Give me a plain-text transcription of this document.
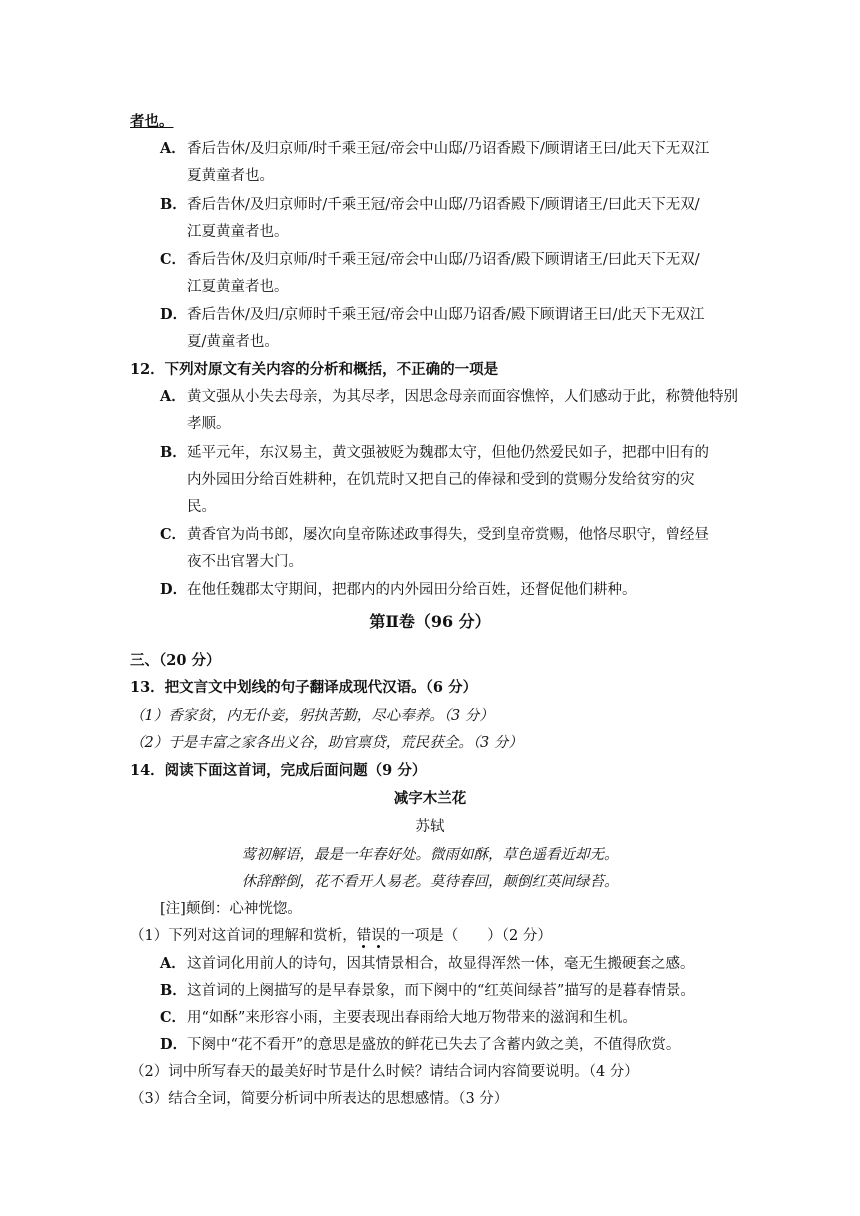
者也。
A．香后告休/及归京师/时千乘王冠/帝会中山邸/乃诏香殿下/顾谓诸王曰/此天下无双江
夏黄童者也。
B．香后告休/及归京师时/千乘王冠/帝会中山邸/乃诏香殿下/顾谓诸王/曰此天下无双/
江夏黄童者也。
C．香后告休/及归京师/时千乘王冠/帝会中山邸/乃诏香/殿下顾谓诸王/曰此天下无双/
江夏黄童者也。
D．香后告休/及归/京师时千乘王冠/帝会中山邸乃诏香/殿下顾谓诸王曰/此天下无双江
夏/黄童者也。
12．下列对原文有关内容的分析和概括，不正确的一项是
A．黄文强从小失去母亲，为其尽孝，因思念母亲而面容憔悴，人们感动于此，称赞他特别
孝顺。
B．延平元年，东汉易主，黄文强被贬为魏郡太守，但他仍然爱民如子，把郡中旧有的
内外园田分给百姓耕种，在饥荒时又把自己的俸禄和受到的赏赐分发给贫穷的灾
民。
C．黄香官为尚书郎，屡次向皇帝陈述政事得失，受到皇帝赏赐，他恪尽职守，曾经昼
夜不出官署大门。
D．在他任魏郡太守期间，把郡内的内外园田分给百姓，还督促他们耕种。
第Ⅱ卷（96 分）
三、（20 分）
13．把文言文中划线的句子翻译成现代汉语。（6 分）
（1）香家贫，内无仆妾，躬执苦勤，尽心奉养。（3 分）
（2）于是丰富之家各出义谷，助官禀贷，荒民获全。（3 分）
14．阅读下面这首词，完成后面问题（9 分）
减字木兰花
苏轼
莺初解语，最是一年春好处。微雨如酥，草色遥看近却无。
休辞醉倒，花不看开人易老。莫待春回，颠倒红英间绿苔。
[注]颠倒：心神恍惚。
（1）下列对这首词的理解和赏析，错误的一项是（　　）（2 分）
A．这首词化用前人的诗句，因其情景相合，故显得浑然一体，毫无生搬硬套之感。
B．这首词的上阕描写的是早春景象，而下阕中的“红英间绿苔”描写的是暮春情景。
C．用“如酥”来形容小雨，主要表现出春雨给大地万物带来的滋润和生机。
D．下阕中“花不看开”的意思是盛放的鲜花已失去了含蓄内敛之美，不值得欣赏。
（2）词中所写春天的最美好时节是什么时候？请结合词内容简要说明。（4 分）
（3）结合全词，简要分析词中所表达的思想感情。（3 分）
